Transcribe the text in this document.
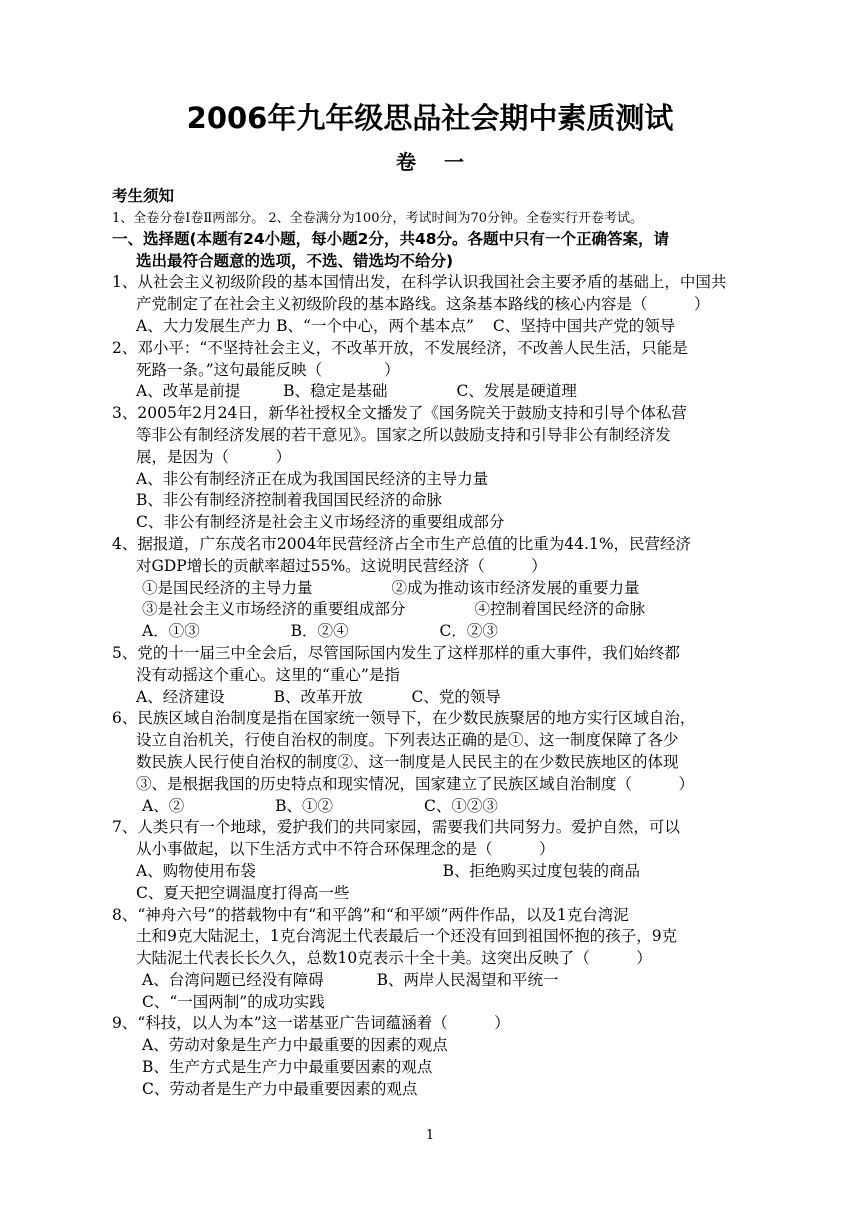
2006年九年级思品社会期中素质测试
卷 一
考生须知
1、全卷分卷Ⅰ卷Ⅱ两部分。 2、全卷满分为100分，考试时间为70分钟。全卷实行开卷考试。
一、选择题(本题有24小题，每小题2分，共48分。各题中只有一个正确答案，请
选出最符合题意的选项，不选、错选均不给分)
1、从社会主义初级阶段的基本国情出发，在科学认识我国社会主要矛盾的基础上，中国共
产党制定了在社会主义初级阶段的基本路线。这条基本路线的核心内容是（　　　）
A、大力发展生产力 B、“一个中心，两个基本点” C、坚持中国共产党的领导
2、邓小平：“不坚持社会主义，不改革开放，不发展经济，不改善人民生活，只能是
死路一条。”这句最能反映（　　　　）
A、改革是前提	B、稳定是基础	C、发展是硬道理
3、2005年2月24日，新华社授权全文播发了《国务院关于鼓励支持和引导个体私营
等非公有制经济发展的若干意见》。国家之所以鼓励支持和引导非公有制经济发
展，是因为（　　　）
A、非公有制经济正在成为我国国民经济的主导力量
B、非公有制经济控制着我国国民经济的命脉
C、非公有制经济是社会主义市场经济的重要组成部分
4、据报道，广东茂名市2004年民营经济占全市生产总值的比重为44.1%，民营经济
对GDP增长的贡献率超过55%。这说明民营经济（　　　）
①是国民经济的主导力量	②成为推动该市经济发展的重要力量
③是社会主义市场经济的重要组成部分	④控制着国民经济的命脉
A．①③	B．②④	C．②③
5、党的十一届三中全会后，尽管国际国内发生了这样那样的重大事件，我们始终都
没有动摇这个重心。这里的“重心”是指
A、经济建设	B、改革开放	C、党的领导
6、民族区域自治制度是指在国家统一领导下，在少数民族聚居的地方实行区域自治，
设立自治机关，行使自治权的制度。下列表达正确的是①、这一制度保障了各少
数民族人民行使自治权的制度②、这一制度是人民民主的在少数民族地区的体现
③、是根据我国的历史特点和现实情况，国家建立了民族区域自治制度（　　　）
A、②	B、①②	C、①②③
7、人类只有一个地球，爱护我们的共同家园，需要我们共同努力。爱护自然，可以
从小事做起，以下生活方式中不符合环保理念的是（　　　）
A、购物使用布袋	B、拒绝购买过度包装的商品
C、夏天把空调温度打得高一些
8、“神舟六号”的搭载物中有“和平鸽”和“和平颂”两件作品，以及1克台湾泥
土和9克大陆泥土，1克台湾泥土代表最后一个还没有回到祖国怀抱的孩子，9克
大陆泥土代表长长久久，总数10克表示十全十美。这突出反映了（　　　）
A、台湾问题已经没有障碍	B、两岸人民渴望和平统一
C、“一国两制”的成功实践
9、“科技，以人为本”这一诺基亚广告词蕴涵着（　　　）
A、劳动对象是生产力中最重要的因素的观点
B、生产方式是生产力中最重要因素的观点
C、劳动者是生产力中最重要因素的观点
1
